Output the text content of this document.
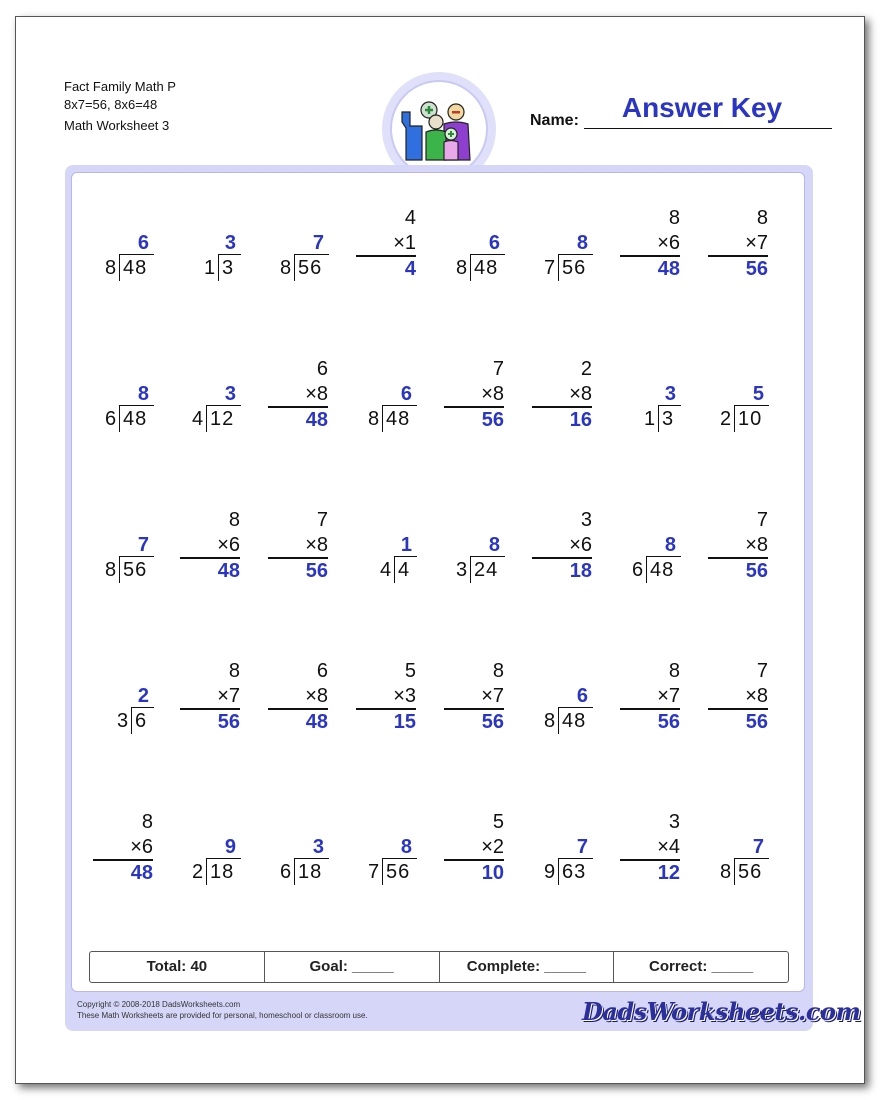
Fact Family Math P
8x7=56, 8x6=48
Math Worksheet 3	Name:	Answer Key
6
8 48
3
1 3
7
8 56
4
×1
4
6
8 48
8
7 56
8
×6
48
8
×7
56
8
6 48
3
4 12
6
×8
48
6
8 48
7
×8
56
2
×8
16
3
1 3
5
2 10
7
8 56
8
×6
48
7
×8
56
1
4 4
8
3 24
3
×6
18
8
6 48
7
×8
56
2
3 6
8
×7
56
6
×8
48
5
×3
15
8
×7
56
6
8 48
8
×7
56
7
×8
56
8
×6
48
9
2 18
3
6 18
8
7 56
5
×2
10
7
9 63
3
×4
12
7
8 56
Total: 40	Goal: _____	Complete: _____	Correct: _____
Copyright © 2008-2018 DadsWorksheets.com
These Math Worksheets are provided for personal, homeschool or classroom use.	DadsWorksheets.com
